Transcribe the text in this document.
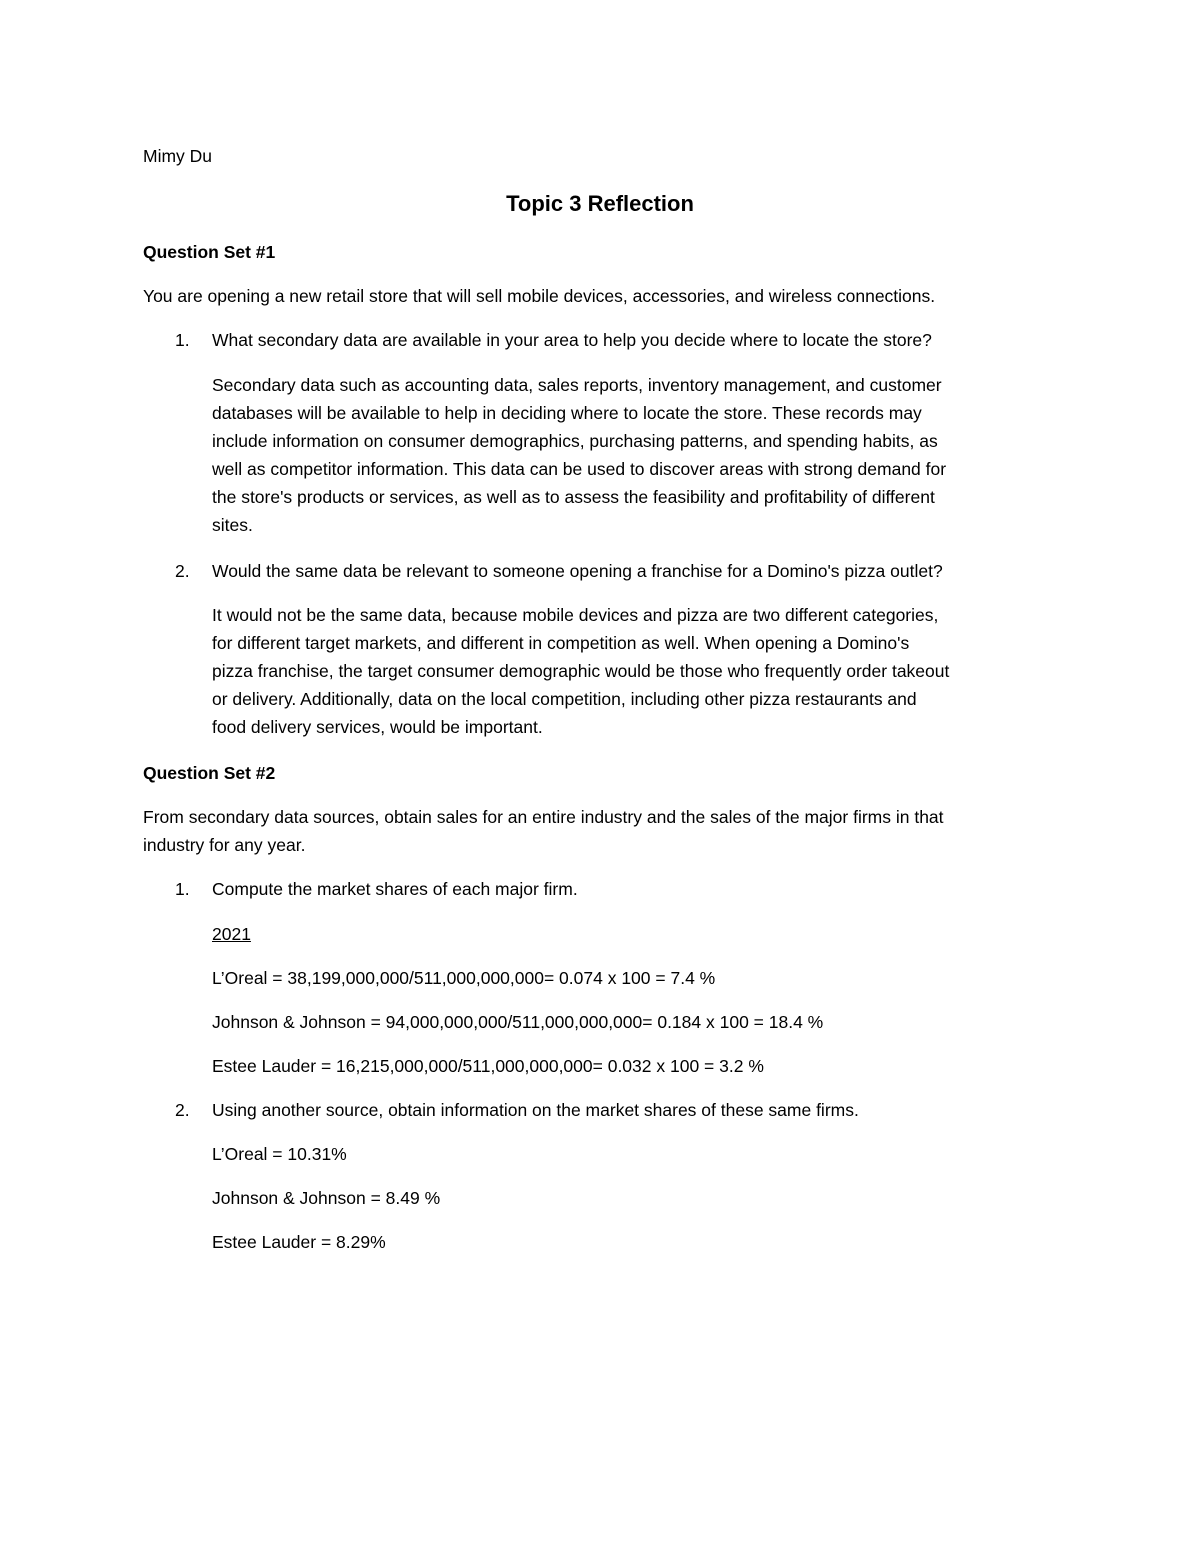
Mimy Du
Topic 3 Reflection
Question Set #1
You are opening a new retail store that will sell mobile devices, accessories, and wireless connections.
1. What secondary data are available in your area to help you decide where to locate the store?
Secondary data such as accounting data, sales reports, inventory management, and customer
databases will be available to help in deciding where to locate the store. These records may
include information on consumer demographics, purchasing patterns, and spending habits, as
well as competitor information. This data can be used to discover areas with strong demand for
the store's products or services, as well as to assess the feasibility and profitability of different
sites.
2. Would the same data be relevant to someone opening a franchise for a Domino's pizza outlet?
It would not be the same data, because mobile devices and pizza are two different categories,
for different target markets, and different in competition as well. When opening a Domino's
pizza franchise, the target consumer demographic would be those who frequently order takeout
or delivery. Additionally, data on the local competition, including other pizza restaurants and
food delivery services, would be important.
Question Set #2
From secondary data sources, obtain sales for an entire industry and the sales of the major firms in that
industry for any year.
1. Compute the market shares of each major firm.
2021
L’Oreal = 38,199,000,000/511,000,000,000= 0.074 x 100 = 7.4 %
Johnson & Johnson = 94,000,000,000/511,000,000,000= 0.184 x 100 = 18.4 %
Estee Lauder = 16,215,000,000/511,000,000,000= 0.032 x 100 = 3.2 %
2. Using another source, obtain information on the market shares of these same firms.
L’Oreal = 10.31%
Johnson & Johnson = 8.49 %
Estee Lauder = 8.29%
